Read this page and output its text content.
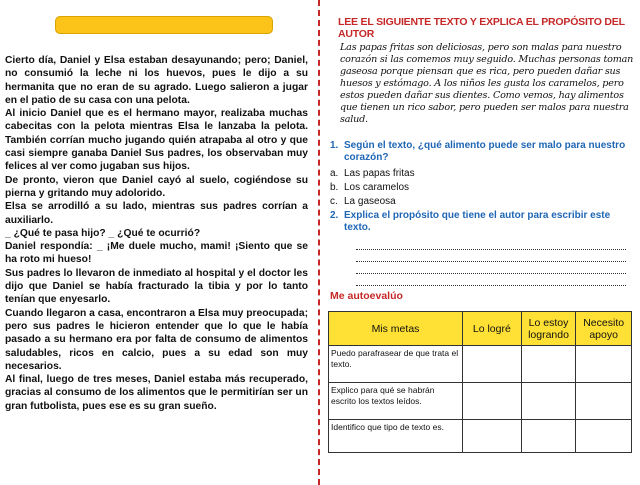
Cierto día, Daniel y Elsa estaban desayunando; pero; Daniel, no consumió la leche ni los huevos, pues le dijo a su hermanita que no eran de su agrado. Luego salieron a jugar en el patio de su casa con una pelota.

Al inicio Daniel que es el hermano mayor, realizaba muchas cabecitas con la pelota mientras Elsa le lanzaba la pelota. También corrían mucho jugando quién atrapaba al otro y que casi siempre ganaba Daniel Sus padres, los observaban muy felices al ver como jugaban sus hijos.

De pronto, vieron que Daniel cayó al suelo, cogiéndose su pierna y gritando muy adolorido.

Elsa se arrodilló a su lado, mientras sus padres corrían a auxiliarlo.

_ ¿Qué te pasa hijo? _ ¿Qué te ocurrió?

Daniel respondía: _ ¡Me duele mucho, mami! ¡Siento que se ha roto mi hueso!

Sus padres lo llevaron de inmediato al hospital y el doctor les dijo que Daniel se había fracturado la tibia y por lo tanto tenían que enyesarlo.

Cuando llegaron a casa, encontraron a Elsa muy preocupada; pero sus padres le hicieron entender que lo que le había pasado a su hermano era por falta de consumo de alimentos saludables, ricos en calcio, pues a su edad son muy necesarios.

Al final, luego de tres meses, Daniel estaba más recuperado, gracias al consumo de los alimentos que le permitirían ser un gran futbolista, pues ese es su gran sueño.

LEE EL SIGUIENTE TEXTO Y EXPLICA EL PROPÓSITO DEL AUTOR
Las papas fritas son deliciosas, pero son malas para nuestro corazón si las comemos muy seguido. Muchas personas toman gaseosa porque piensan que es rica, pero pueden dañar sus huesos y estómago. A los niños les gusta los caramelos, pero estos pueden dañar sus dientes. Como vemos, hay alimentos que tienen un rico sabor, pero pueden ser malos para nuestra salud.
1. Según el texto, ¿qué alimento puede ser malo para nuestro corazón?
a. Las papas fritas
b. Los caramelos
c. La gaseosa
2. Explica el propósito que tiene el autor para escribir este texto.
Me autoevalúo
Mis metas	Lo logré	Lo estoy logrando	Necesito apoyo
Puedo parafrasear de que trata el texto.			
Explico para qué se habrán escrito los textos leídos.			
Identifico que tipo de texto es.			
